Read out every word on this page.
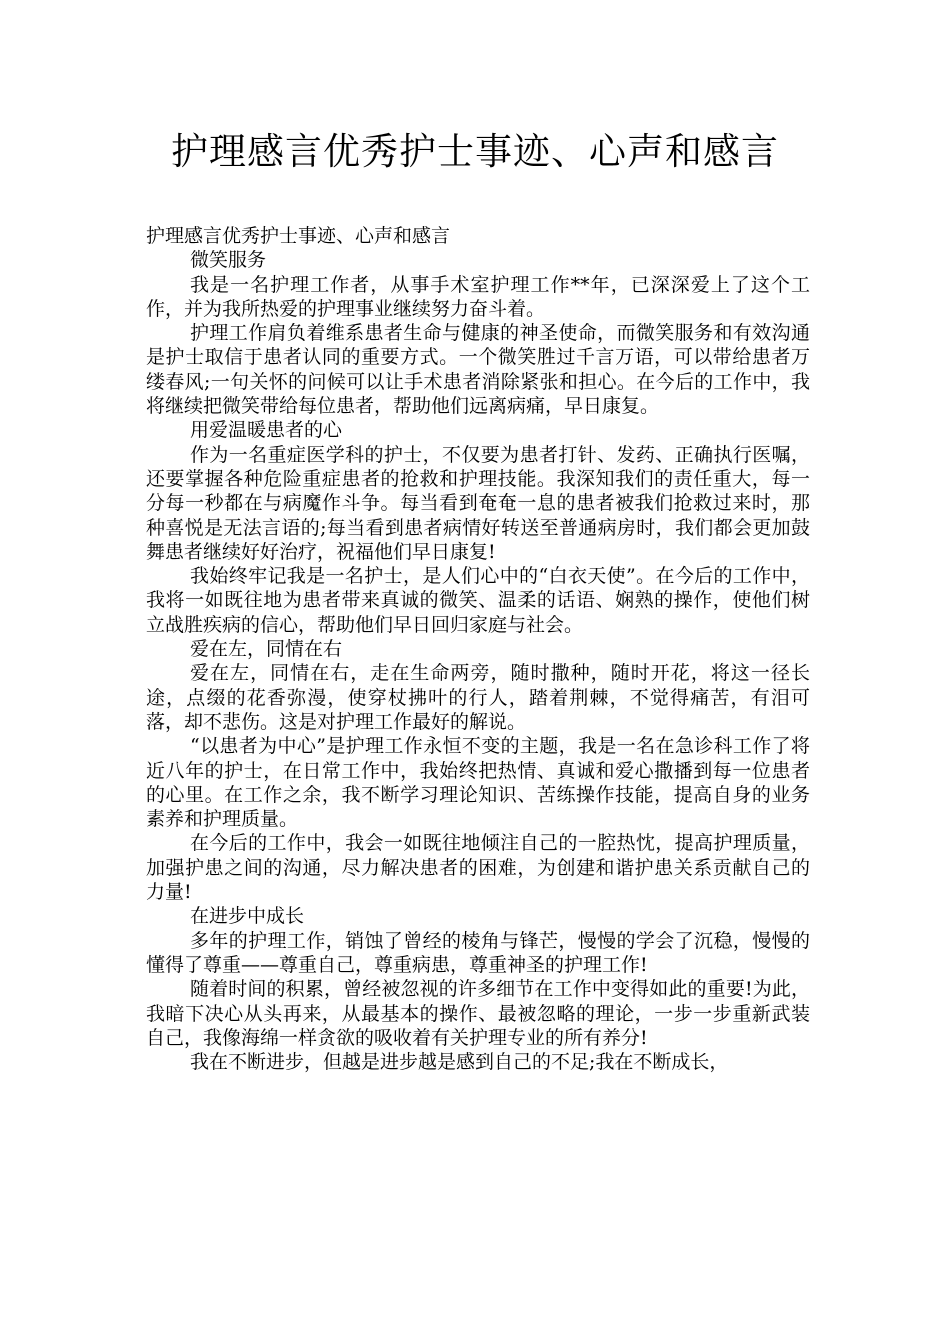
护理感言优秀护士事迹、心声和感言

护理感言优秀护士事迹、心声和感言

微笑服务

我是一名护理工作者，从事手术室护理工作**年，已深深爱上了这个工作，并为我所热爱的护理事业继续努力奋斗着。

护理工作肩负着维系患者生命与健康的神圣使命，而微笑服务和有效沟通是护士取信于患者认同的重要方式。一个微笑胜过千言万语，可以带给患者万缕春风;一句关怀的问候可以让手术患者消除紧张和担心。在今后的工作中，我将继续把微笑带给每位患者，帮助他们远离病痛，早日康复。

用爱温暖患者的心

作为一名重症医学科的护士，不仅要为患者打针、发药、正确执行医嘱，还要掌握各种危险重症患者的抢救和护理技能。我深知我们的责任重大，每一分每一秒都在与病魔作斗争。每当看到奄奄一息的患者被我们抢救过来时，那种喜悦是无法言语的;每当看到患者病情好转送至普通病房时，我们都会更加鼓舞患者继续好好治疗，祝福他们早日康复!

我始终牢记我是一名护士，是人们心中的“白衣天使”。在今后的工作中，我将一如既往地为患者带来真诚的微笑、温柔的话语、娴熟的操作，使他们树立战胜疾病的信心，帮助他们早日回归家庭与社会。

爱在左，同情在右

爱在左，同情在右，走在生命两旁，随时撒种，随时开花，将这一径长途，点缀的花香弥漫，使穿杖拂叶的行人，踏着荆棘，不觉得痛苦，有泪可落，却不悲伤。这是对护理工作最好的解说。

“以患者为中心”是护理工作永恒不变的主题，我是一名在急诊科工作了将近八年的护士，在日常工作中，我始终把热情、真诚和爱心撒播到每一位患者的心里。在工作之余，我不断学习理论知识、苦练操作技能，提高自身的业务素养和护理质量。

在今后的工作中，我会一如既往地倾注自己的一腔热忱，提高护理质量，加强护患之间的沟通，尽力解决患者的困难，为创建和谐护患关系贡献自己的力量!

在进步中成长

多年的护理工作，销蚀了曾经的棱角与锋芒，慢慢的学会了沉稳，慢慢的懂得了尊重——尊重自己，尊重病患，尊重神圣的护理工作!

随着时间的积累，曾经被忽视的许多细节在工作中变得如此的重要!为此，我暗下决心从头再来，从最基本的操作、最被忽略的理论，一步一步重新武装自己，我像海绵一样贪欲的吸收着有关护理专业的所有养分!

我在不断进步，但越是进步越是感到自己的不足;我在不断成长，
